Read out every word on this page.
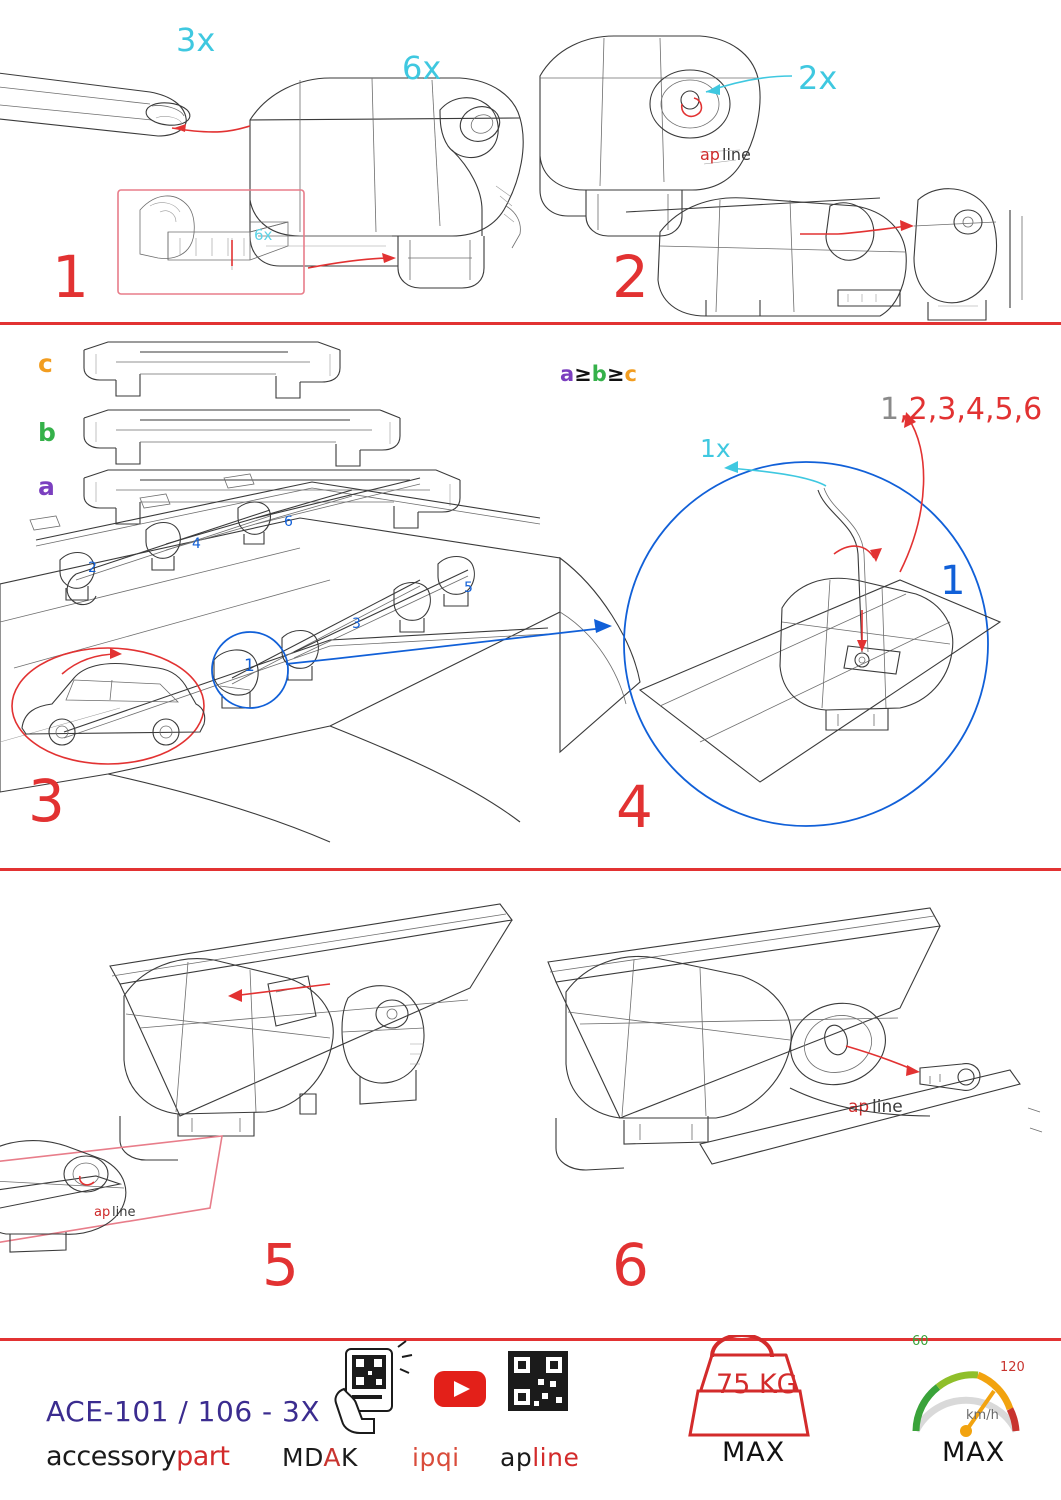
ap line
3x
6x
6x
2x
1	2
c
b
a
a≥b≥c
1x
1,2,3,4,5,6
1
2
4
6
3
5
1
3	4
ap line
ap line
5	6
ACE-101 / 106 - 3X
accessorypart MDAK ipqi apline
75 KG
MAX	MAX
km/h
60
120
